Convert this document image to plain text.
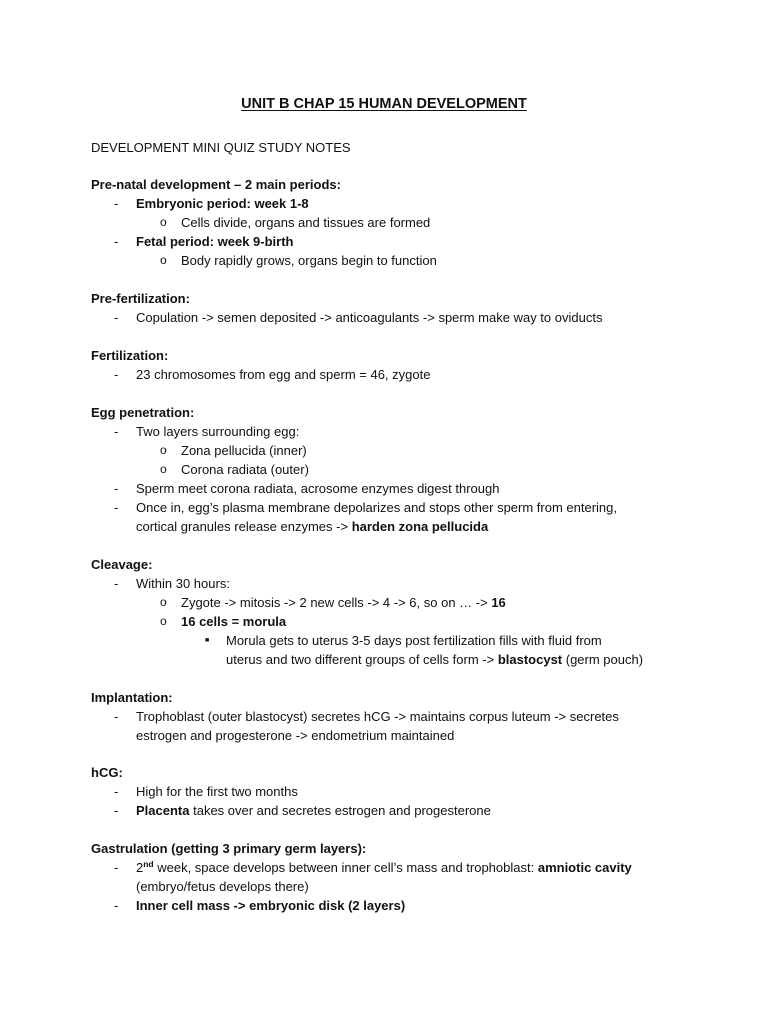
UNIT B CHAP 15 HUMAN DEVELOPMENT
DEVELOPMENT MINI QUIZ STUDY NOTES
Pre-natal development – 2 main periods:
-	Embryonic period: week 1-8
o	Cells divide, organs and tissues are formed
-	Fetal period: week 9-birth
o	Body rapidly grows, organs begin to function
Pre-fertilization:
-	Copulation -> semen deposited -> anticoagulants -> sperm make way to oviducts
Fertilization:
-	23 chromosomes from egg and sperm = 46, zygote
Egg penetration:
-	Two layers surrounding egg:
o	Zona pellucida (inner)
o	Corona radiata (outer)
-	Sperm meet corona radiata, acrosome enzymes digest through
-	Once in, egg’s plasma membrane depolarizes and stops other sperm from entering,
cortical granules release enzymes -> harden zona pellucida
Cleavage:
-	Within 30 hours:
o	Zygote -> mitosis -> 2 new cells -> 4 -> 6, so on … -> 16
o	16 cells = morula
■	Morula gets to uterus 3-5 days post fertilization fills with fluid from
uterus and two different groups of cells form -> blastocyst (germ pouch)
Implantation:
-	Trophoblast (outer blastocyst) secretes hCG -> maintains corpus luteum -> secretes
estrogen and progesterone -> endometrium maintained
hCG:
-	High for the first two months
-	Placenta takes over and secretes estrogen and progesterone
Gastrulation (getting 3 primary germ layers):
-	2nd week, space develops between inner cell’s mass and trophoblast: amniotic cavity
(embryo/fetus develops there)
-	Inner cell mass -> embryonic disk (2 layers)
